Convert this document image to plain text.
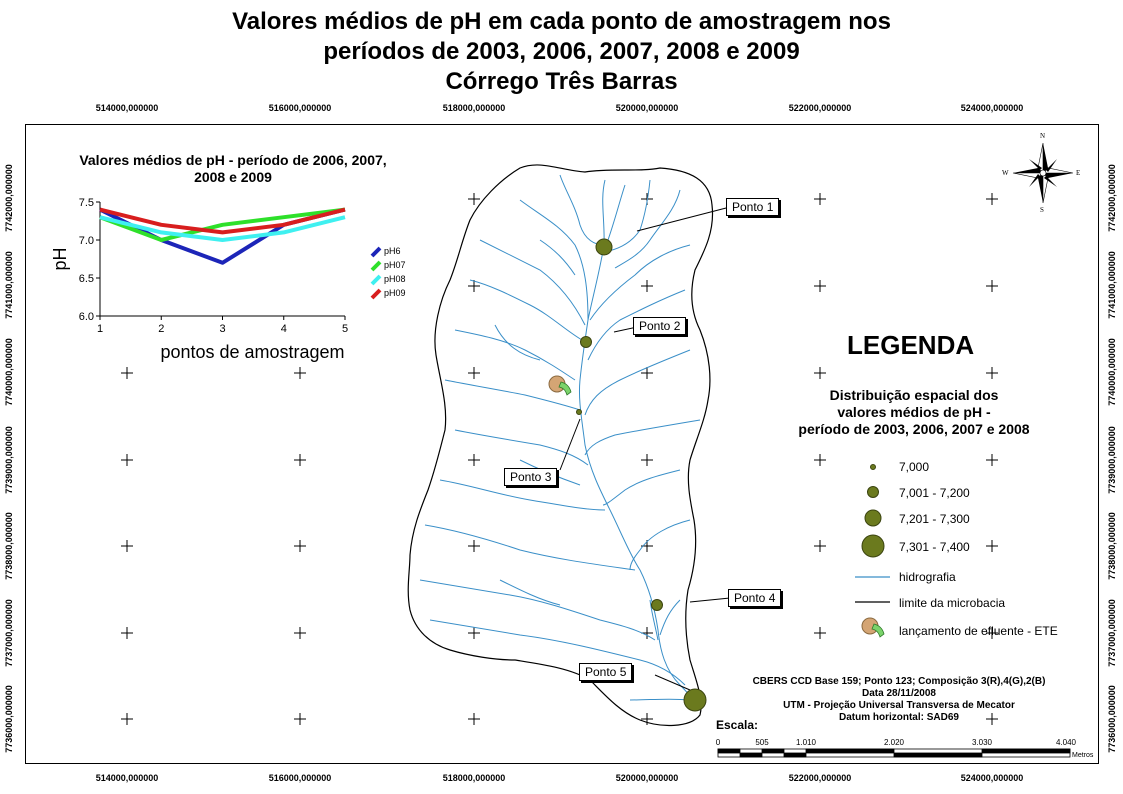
Valores médios de pH em cada ponto de amostragem nos
períodos de 2003, 2006, 2007, 2008 e 2009
Córrego Três Barras
514000,000000	516000,000000	518000,000000	520000,000000	522000,000000	524000,000000
514000,000000	516000,000000	518000,000000	520000,000000	522000,000000	524000,000000
7742000,000000
7741000,000000
7740000,000000
7739000,000000
7738000,000000
7737000,000000
7736000,000000
7742000,000000
7741000,000000
7740000,000000
7739000,000000
7738000,000000
7737000,000000
7736000,000000
N
S
E
W
Ponto 1
Ponto 2
Ponto 3
Ponto 4
Ponto 5
LEGENDA
Distribuição espacial dos
valores médios de pH -
período de 2003, 2006, 2007 e 2008
7,000
7,001 - 7,200
7,201 - 7,300
7,301 - 7,400
hidrografia
limite da microbacia
lançamento de efluente - ETE
CBERS CCD Base 159; Ponto 123; Composição 3(R),4(G),2(B)
Data 28/11/2008
UTM - Projeção Universal Transversa de Mecator
Datum horizontal: SAD69
Escala:
0	505	1.010	2.020	3.030	4.040
Metros
Valores médios de pH - período de 2006, 2007, 2008 e 2009
6.0
6.5
7.0
7.5
1	2	3	4	5
pH
pontos de amostragem
pH6
pH07
pH08
pH09
